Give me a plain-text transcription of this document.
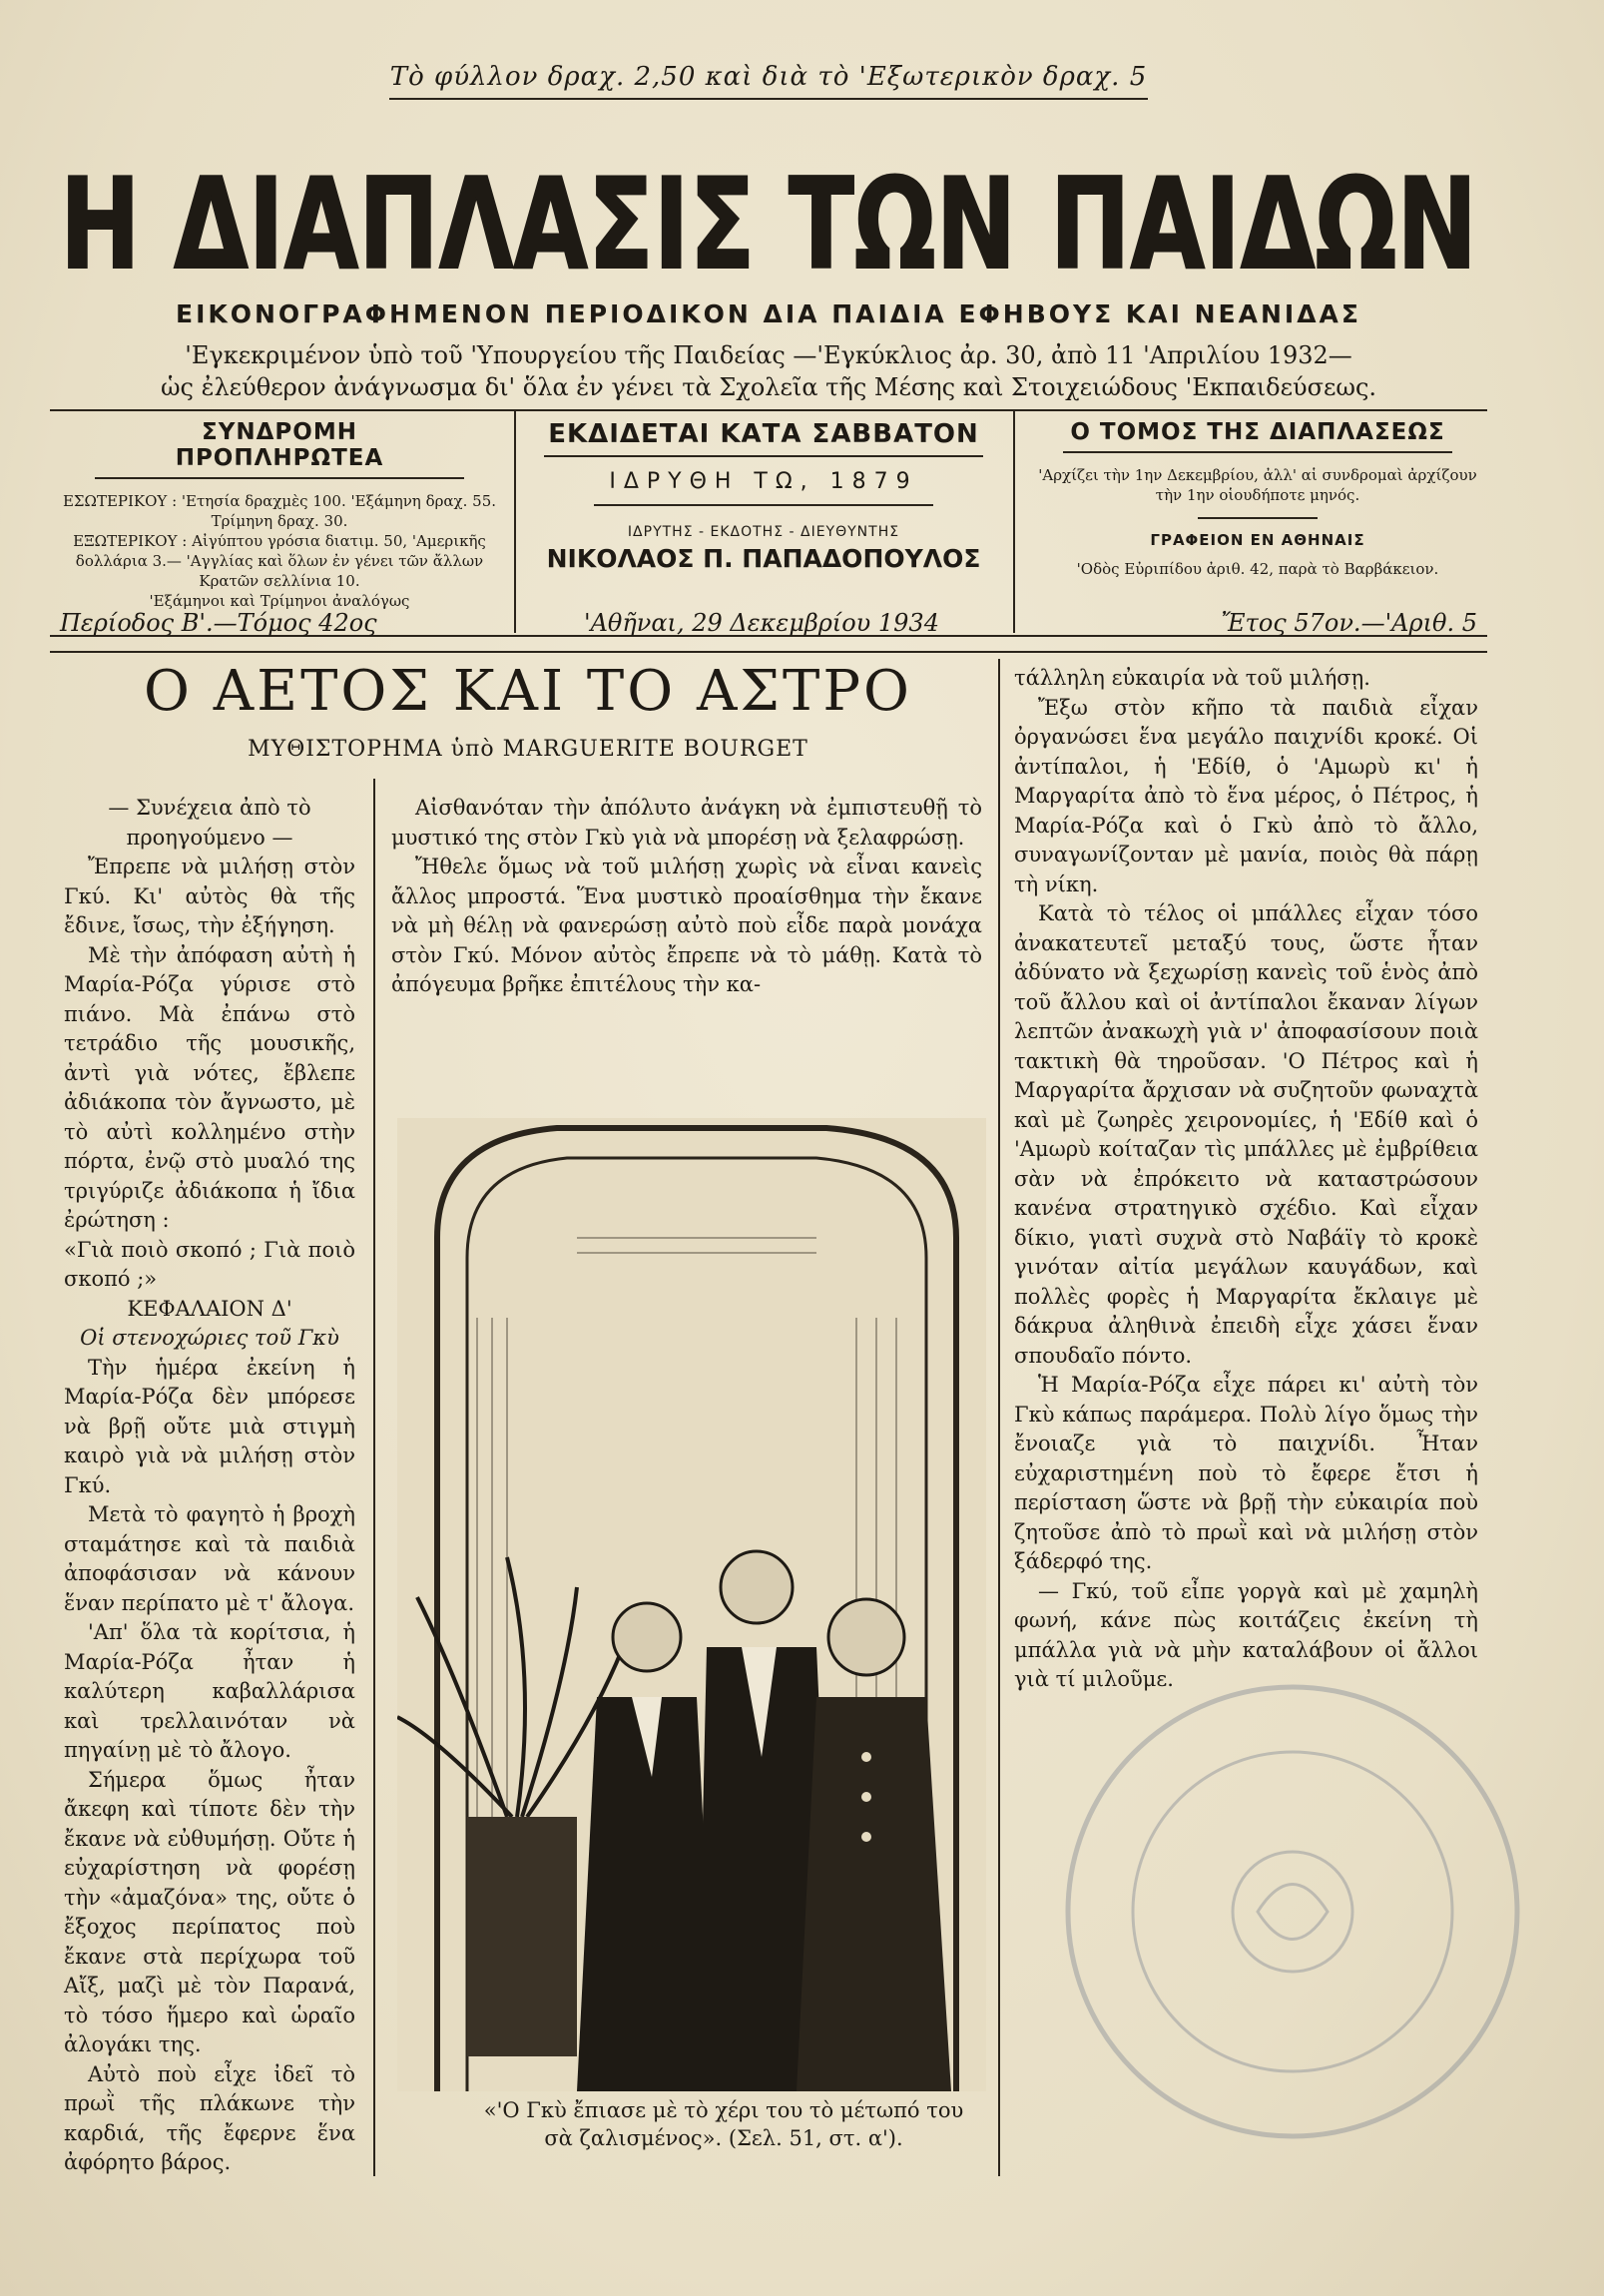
Τὸ φύλλον δραχ. 2,50 καὶ διὰ τὸ 'Εξωτερικὸν δραχ. 5
Η ΔΙΑΠΛΑΣΙΣ ΤΩΝ ΠΑΙΔΩΝ
ΕΙΚΟΝΟΓΡΑΦΗΜΕΝΟΝ ΠΕΡΙΟΔΙΚΟΝ ΔΙΑ ΠΑΙΔΙΑ ΕΦΗΒΟΥΣ ΚΑΙ ΝΕΑΝΙΔΑΣ
'Εγκεκριμένον ὑπὸ τοῦ 'Υπουργείου τῆς Παιδείας —'Εγκύκλιος ἀρ. 30, ἀπὸ 11 'Απριλίου 1932—
ὡς ἐλεύθερον ἀνάγνωσμα δι' ὅλα ἐν γένει τὰ Σχολεῖα τῆς Μέσης καὶ Στοιχειώδους 'Εκπαιδεύσεως.
ΣΥΝΔΡΟΜΗ ΠΡΟΠΛΗΡΩΤΕΑ
ΕΣΩΤΕΡΙΚΟΥ : 'Ετησία δραχμὲς 100. 'Εξάμηνη δραχ. 55. Τρίμηνη δραχ. 30.
ΕΞΩΤΕΡΙΚΟΥ : Αἰγύπτου γρόσια διατιμ. 50, 'Αμερικῆς δολλάρια 3.— 'Αγγλίας καὶ ὅλων ἐν γένει τῶν ἄλλων Κρατῶν σελλίνια 10.
'Εξάμηνοι καὶ Τρίμηνοι ἀναλόγως
ΕΚΔΙΔΕΤΑΙ ΚΑΤΑ ΣΑΒΒΑΤΟΝ
ΙΔΡΥΘΗ ΤΩ, 1879
ΙΔΡΥΤΗΣ - ΕΚΔΟΤΗΣ - ΔΙΕΥΘΥΝΤΗΣ
ΝΙΚΟΛΑΟΣ Π. ΠΑΠΑΔΟΠΟΥΛΟΣ
Ο ΤΟΜΟΣ ΤΗΣ ΔΙΑΠΛΑΣΕΩΣ
'Αρχίζει τὴν 1ην Δεκεμβρίου, ἀλλ' αἱ συνδρομαὶ ἀρχίζουν τὴν 1ην οἱουδήποτε μηνός.
ΓΡΑΦΕΙΟΝ ΕΝ ΑΘΗΝΑΙΣ
'Οδὸς Εὐριπίδου ἀριθ. 42, παρὰ τὸ Βαρβάκειον.
Περίοδος Β'.—Τόμος 42ος	'Αθῆναι, 29 Δεκεμβρίου 1934	Ἔτος 57ον.—'Αριθ. 5
Ο ΑΕΤΟΣ ΚΑΙ ΤΟ ΑΣΤΡΟ
ΜΥΘΙΣΤΟΡΗΜΑ ὑπὸ MARGUERITE BOURGET

— Συνέχεια ἀπὸ τὸ προηγούμενο —

Ἔπρεπε νὰ μιλήσῃ στὸν Γκύ. Κι' αὐτὸς θὰ τῆς ἔδινε, ἴσως, τὴν ἐξήγηση.

Μὲ τὴν ἀπόφαση αὐτὴ ἡ Μαρία-Ρόζα γύρισε στὸ πιάνο. Μὰ ἐπάνω στὸ τετράδιο τῆς μουσικῆς, ἀντὶ γιὰ νότες, ἔβλεπε ἀδιάκοπα τὸν ἄγνωστο, μὲ τὸ αὐτὶ κολλημένο στὴν πόρτα, ἐνῷ στὸ μυαλό της τριγύριζε ἀδιάκοπα ἡ ἴδια ἐρώτηση :

«Γιὰ ποιὸ σκοπό ; Γιὰ ποιὸ σκοπό ;»

ΚΕΦΑΛΑΙΟΝ Δ'

Οἱ στενοχώριες τοῦ Γκὺ

Τὴν ἡμέρα ἐκείνη ἡ Μαρία-Ρόζα δὲν μπόρεσε νὰ βρῇ οὔτε μιὰ στιγμὴ καιρὸ γιὰ νὰ μιλήσῃ στὸν Γκύ.

Μετὰ τὸ φαγητὸ ἡ βροχὴ σταμάτησε καὶ τὰ παιδιὰ ἀποφάσισαν νὰ κάνουν ἕναν περίπατο μὲ τ' ἄλογα.

'Απ' ὅλα τὰ κορίτσια, ἡ Μαρία-Ρόζα ἦταν ἡ καλύτερη καβαλλάρισα καὶ τρελλαινόταν νὰ πηγαίνῃ μὲ τὸ ἄλογο.

Σήμερα ὅμως ἦταν ἄκεφη καὶ τίποτε δὲν τὴν ἔκανε νὰ εὐθυμήσῃ. Οὔτε ἡ εὐχαρίστηση νὰ φορέσῃ τὴν «ἀμαζόνα» της, οὔτε ὁ ἔξοχος περίπατος ποὺ ἔκανε στὰ περίχωρα τοῦ Αἴξ, μαζὶ μὲ τὸν Παρανά, τὸ τόσο ἥμερο καὶ ὡραῖο ἀλογάκι της.

Αὐτὸ ποὺ εἶχε ἰδεῖ τὸ πρωῒ τῆς πλάκωνε τὴν καρδιά, τῆς ἔφερνε ἕνα ἀφόρητο βάρος.

Αἰσθανόταν τὴν ἀπόλυτο ἀνάγκη νὰ ἐμπιστευθῇ τὸ μυστικό της στὸν Γκὺ γιὰ νὰ μπορέσῃ νὰ ξελαφρώσῃ.

Ἤθελε ὅμως νὰ τοῦ μιλήσῃ χωρὶς νὰ εἶναι κανεὶς ἄλλος μπροστά. Ἕνα μυστικὸ προαίσθημα τὴν ἔκανε νὰ μὴ θέλῃ νὰ φανερώσῃ αὐτὸ ποὺ εἶδε παρὰ μονάχα στὸν Γκύ. Μόνον αὐτὸς ἔπρεπε νὰ τὸ μάθῃ. Κατὰ τὸ ἀπόγευμα βρῆκε ἐπιτέλους τὴν κα-

«'Ο Γκὺ ἔπιασε μὲ τὸ χέρι του τὸ μέτωπό του σὰ ζαλισμένος». (Σελ. 51, στ. α').

τάλληλη εὐκαιρία νὰ τοῦ μιλήσῃ.

Ἔξω στὸν κῆπο τὰ παιδιὰ εἶχαν ὀργανώσει ἕνα μεγάλο παιχνίδι κροκέ. Οἱ ἀντίπαλοι, ἡ 'Εδίθ, ὁ 'Αμωρὺ κι' ἡ Μαργαρίτα ἀπὸ τὸ ἕνα μέρος, ὁ Πέτρος, ἡ Μαρία-Ρόζα καὶ ὁ Γκὺ ἀπὸ τὸ ἄλλο, συναγωνίζονταν μὲ μανία, ποιὸς θὰ πάρῃ τὴ νίκη.

Κατὰ τὸ τέλος οἱ μπάλλες εἶχαν τόσο ἀνακατευτεῖ μεταξύ τους, ὥστε ἦταν ἀδύνατο νὰ ξεχωρίσῃ κανεὶς τοῦ ἑνὸς ἀπὸ τοῦ ἄλλου καὶ οἱ ἀντίπαλοι ἔκαναν λίγων λεπτῶν ἀνακωχὴ γιὰ ν' ἀποφασίσουν ποιὰ τακτικὴ θὰ τηροῦσαν. 'Ο Πέτρος καὶ ἡ Μαργαρίτα ἄρχισαν νὰ συζητοῦν φωναχτὰ καὶ μὲ ζωηρὲς χειρονομίες, ἡ 'Εδίθ καὶ ὁ 'Αμωρὺ κοίταζαν τὶς μπάλλες μὲ ἐμβρίθεια σὰν νὰ ἐπρόκειτο νὰ καταστρώσουν κανένα στρατηγικὸ σχέδιο. Καὶ εἶχαν δίκιο, γιατὶ συχνὰ στὸ Ναβάϊγ τὸ κροκὲ γινόταν αἰτία μεγάλων καυγάδων, καὶ πολλὲς φορὲς ἡ Μαργαρίτα ἔκλαιγε μὲ δάκρυα ἀληθινὰ ἐπειδὴ εἶχε χάσει ἕναν σπουδαῖο πόντο.

Ἡ Μαρία-Ρόζα εἶχε πάρει κι' αὐτὴ τὸν Γκὺ κάπως παράμερα. Πολὺ λίγο ὅμως τὴν ἔνοιαζε γιὰ τὸ παιχνίδι. Ἦταν εὐχαριστημένη ποὺ τὸ ἔφερε ἔτσι ἡ περίσταση ὥστε νὰ βρῇ τὴν εὐκαιρία ποὺ ζητοῦσε ἀπὸ τὸ πρωῒ καὶ νὰ μιλήσῃ στὸν ξάδερφό της.

— Γκύ, τοῦ εἶπε γοργὰ καὶ μὲ χαμηλὴ φωνή, κάνε πὼς κοιτάζεις ἐκείνη τὴ μπάλλα γιὰ νὰ μὴν καταλάβουν οἱ ἄλλοι γιὰ τί μιλοῦμε.
